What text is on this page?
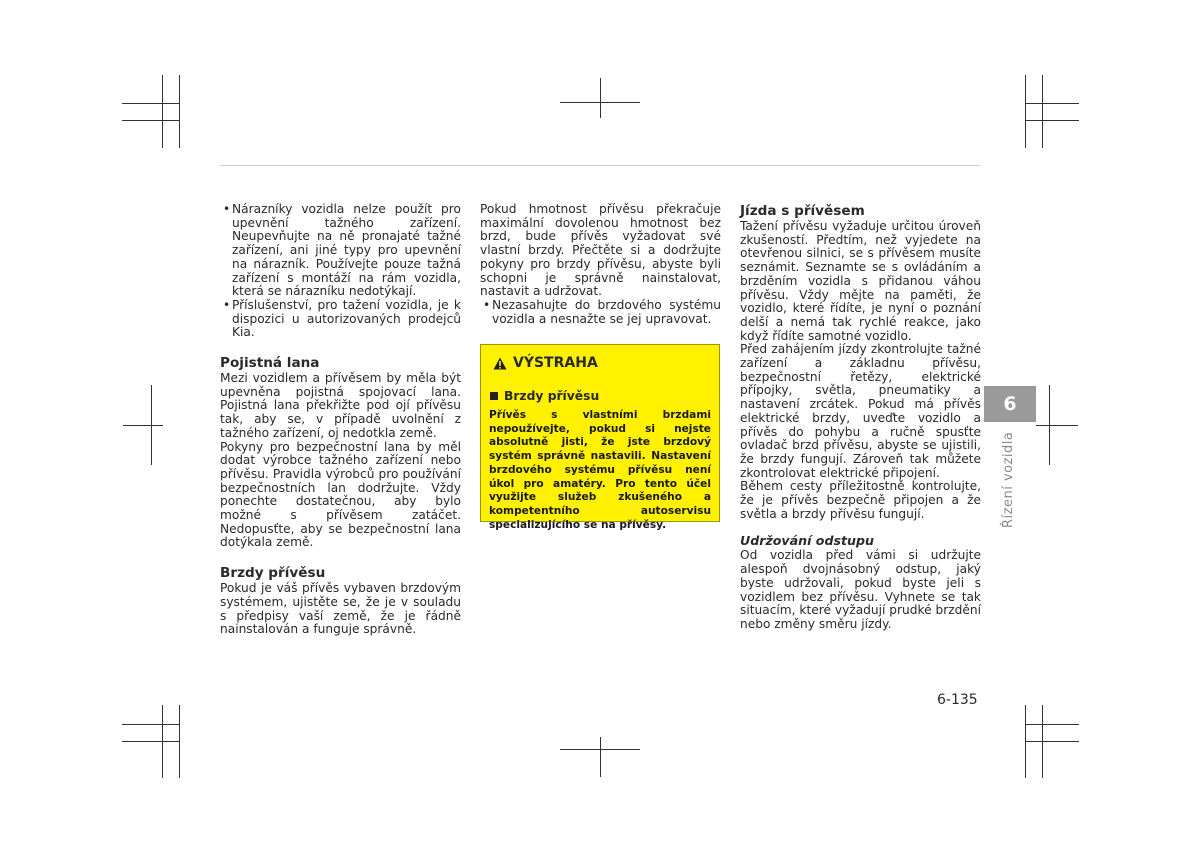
• Nárazníky vozidla nelze použít pro upevnění tažného zařízení. Neupevňujte na ně pronajaté tažné zařízení, ani jiné typy pro upevnění na nárazník. Používejte pouze tažná zařízení s montáží na rám vozidla, která se nárazníku nedotýkají.

• Příslušenství, pro tažení vozidla, je k dispozici u autorizovaných prodejců Kia.

Pojistná lana

Mezi vozidlem a přívěsem by měla být upevněna pojistná spojovací lana. Pojistná lana překřižte pod ojí přívěsu tak, aby se, v případě uvolnění z tažného zařízení, oj nedotkla země.

Pokyny pro bezpečnostní lana by měl dodat výrobce tažného zařízení nebo přívěsu. Pravidla výrobců pro používání bezpečnostních lan dodržujte. Vždy ponechte dostatečnou, aby bylo možné s přívěsem zatáčet. Nedopusťte, aby se bezpečnostní lana dotýkala země.

Brzdy přívěsu

Pokud je váš přívěs vybaven brzdovým systémem, ujistěte se, že je v souladu s předpisy vaší země, že je řádně nainstalován a funguje správně.

Pokud hmotnost přívěsu překračuje maximální dovolenou hmotnost bez brzd, bude přívěs vyžadovat své vlastní brzdy. Přečtěte si a dodržujte pokyny pro brzdy přívěsu, abyste byli schopni je správně nainstalovat, nastavit a udržovat.

• Nezasahujte do brzdového systému vozidla a nesnažte se jej upravovat.

VÝSTRAHA
Brzdy přívěsu
Přívěs s vlastními brzdami nepoužívejte, pokud si nejste absolutně jisti, že jste brzdový systém správně nastavili. Nastavení brzdového systému přívěsu není úkol pro amatéry. Pro tento účel využijte služeb zkušeného a kompetentního autoservisu specializujícího se na přívěsy.
Jízda s přívěsem

Tažení přívěsu vyžaduje určitou úroveň zkušeností. Předtím, než vyjedete na otevřenou silnici, se s přívěsem musíte seznámit. Seznamte se s ovládáním a brzděním vozidla s přidanou váhou přívěsu. Vždy mějte na paměti, že vozidlo, které řídíte, je nyní o poznání delší a nemá tak rychlé reakce, jako když řídíte samotné vozidlo.

Před zahájením jízdy zkontrolujte tažné zařízení a základnu přívěsu, bezpečnostní řetězy, elektrické přípojky, světla, pneumatiky a nastavení zrcátek. Pokud má přívěs elektrické brzdy, uveďte vozidlo a přívěs do pohybu a ručně spusťte ovladač brzd přívěsu, abyste se ujistili, že brzdy fungují. Zároveň tak můžete zkontrolovat elektrické připojení.

Během cesty příležitostně kontrolujte, že je přívěs bezpečně připojen a že světla a brzdy přívěsu fungují.

Udržování odstupu

Od vozidla před vámi si udržujte alespoň dvojnásobný odstup, jaký byste udržovali, pokud byste jeli s vozidlem bez přívěsu. Vyhnete se tak situacím, které vyžadují prudké brzdění nebo změny směru jízdy.

6
Řízení vozidla
6-135
